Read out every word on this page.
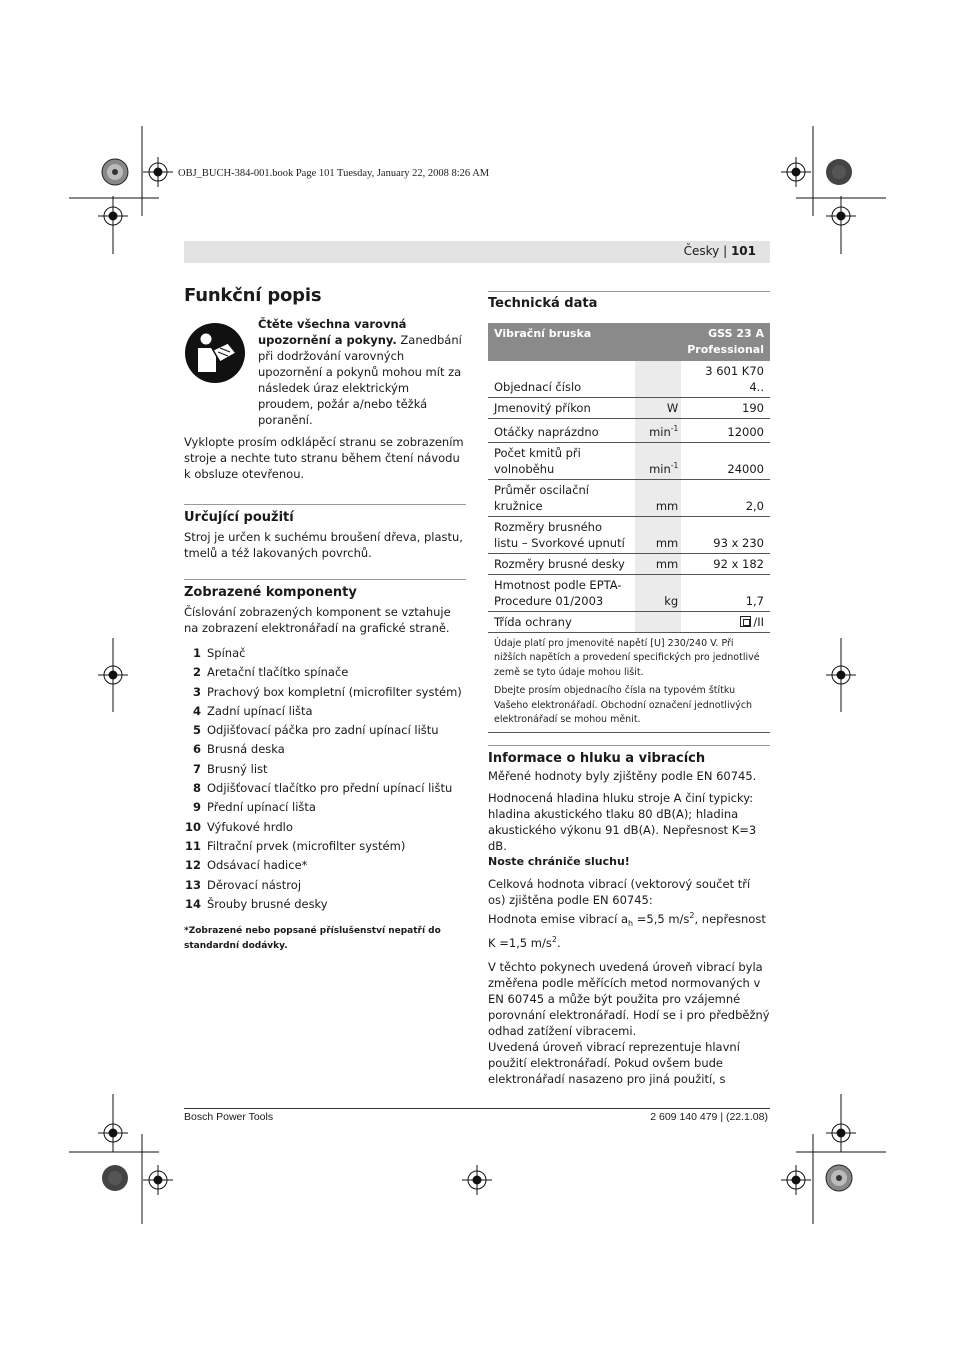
OBJ_BUCH-384-001.book Page 101 Tuesday, January 22, 2008 8:26 AM
Česky | 101
Funkční popis
Čtěte všechna varovná upozornění a pokyny. Zanedbání při dodržování varovných upozornění a pokynů mohou mít za následek úraz elektrickým proudem, požár a/nebo těžká poranění.
Vyklopte prosím odklápěcí stranu se zobrazením stroje a nechte tuto stranu během čtení návodu k obsluze otevřenou.
Určující použití
Stroj je určen k suchému broušení dřeva, plastu, tmelů a též lakovaných povrchů.
Zobrazené komponenty
Číslování zobrazených komponent se vztahuje na zobrazení elektronářadí na grafické straně.
1 Spínač
2 Aretační tlačítko spínače
3 Prachový box kompletní (microfilter systém)
4 Zadní upínací lišta
5 Odjišťovací páčka pro zadní upínací lištu
6 Brusná deska
7 Brusný list
8 Odjišťovací tlačítko pro přední upínací lištu
9 Přední upínací lišta
10 Výfukové hrdlo
11 Filtrační prvek (microfilter systém)
12 Odsávací hadice*
13 Děrovací nástroj
14 Šrouby brusné desky
*Zobrazené nebo popsané příslušenství nepatří do standardní dodávky.
Technická data
Vibrační bruska		GSS 23 A
Professional
Objednací číslo		3 601 K70 4..
Jmenovitý příkon	W	190
Otáčky naprázdno	$\min^{-1}$	12000
Počet kmitů při volnoběhu	$\min^{-1}$	24000
Průměr oscilační kružnice	mm	2,0
Rozměry brusného listu – Svorkové upnutí	mm	93 x 230
Rozměry brusné desky	mm	92 x 182
Hmotnost podle EPTA-Procedure 01/2003	kg	1,7
Třída ochrany		/II
Údaje platí pro jmenovité napětí [U] 230/240 V. Při nižších napětích a provedení specifických pro jednotlivé země se tyto údaje mohou lišit.
Dbejte prosím objednacího čísla na typovém štítku Vašeho elektronářadí. Obchodní označení jednotlivých elektronářadí se mohou měnit.
Informace o hluku a vibracích
Měřené hodnoty byly zjištěny podle EN 60745.
Hodnocená hladina hluku stroje A činí typicky: hladina akustického tlaku 80 dB(A); hladina akustického výkonu 91 dB(A). Nepřesnost K=3 dB.
Noste chrániče sluchu!
Celková hodnota vibrací (vektorový součet tří os) zjištěna podle EN 60745:
Hodnota emise vibrací $a_h =5,5$ $m/s^2$, nepřesnost K =1,5 $m/s^2$.
V těchto pokynech uvedená úroveň vibrací byla změřena podle měřících metod normovaných v EN 60745 a může být použita pro vzájemné porovnání elektronářadí. Hodí se i pro předběžný odhad zatížení vibracemi.
Uvedená úroveň vibrací reprezentuje hlavní použití elektronářadí. Pokud ovšem bude elektronářadí nasazeno pro jiná použití, s
Bosch Power Tools	2 609 140 479 | (22.1.08)
